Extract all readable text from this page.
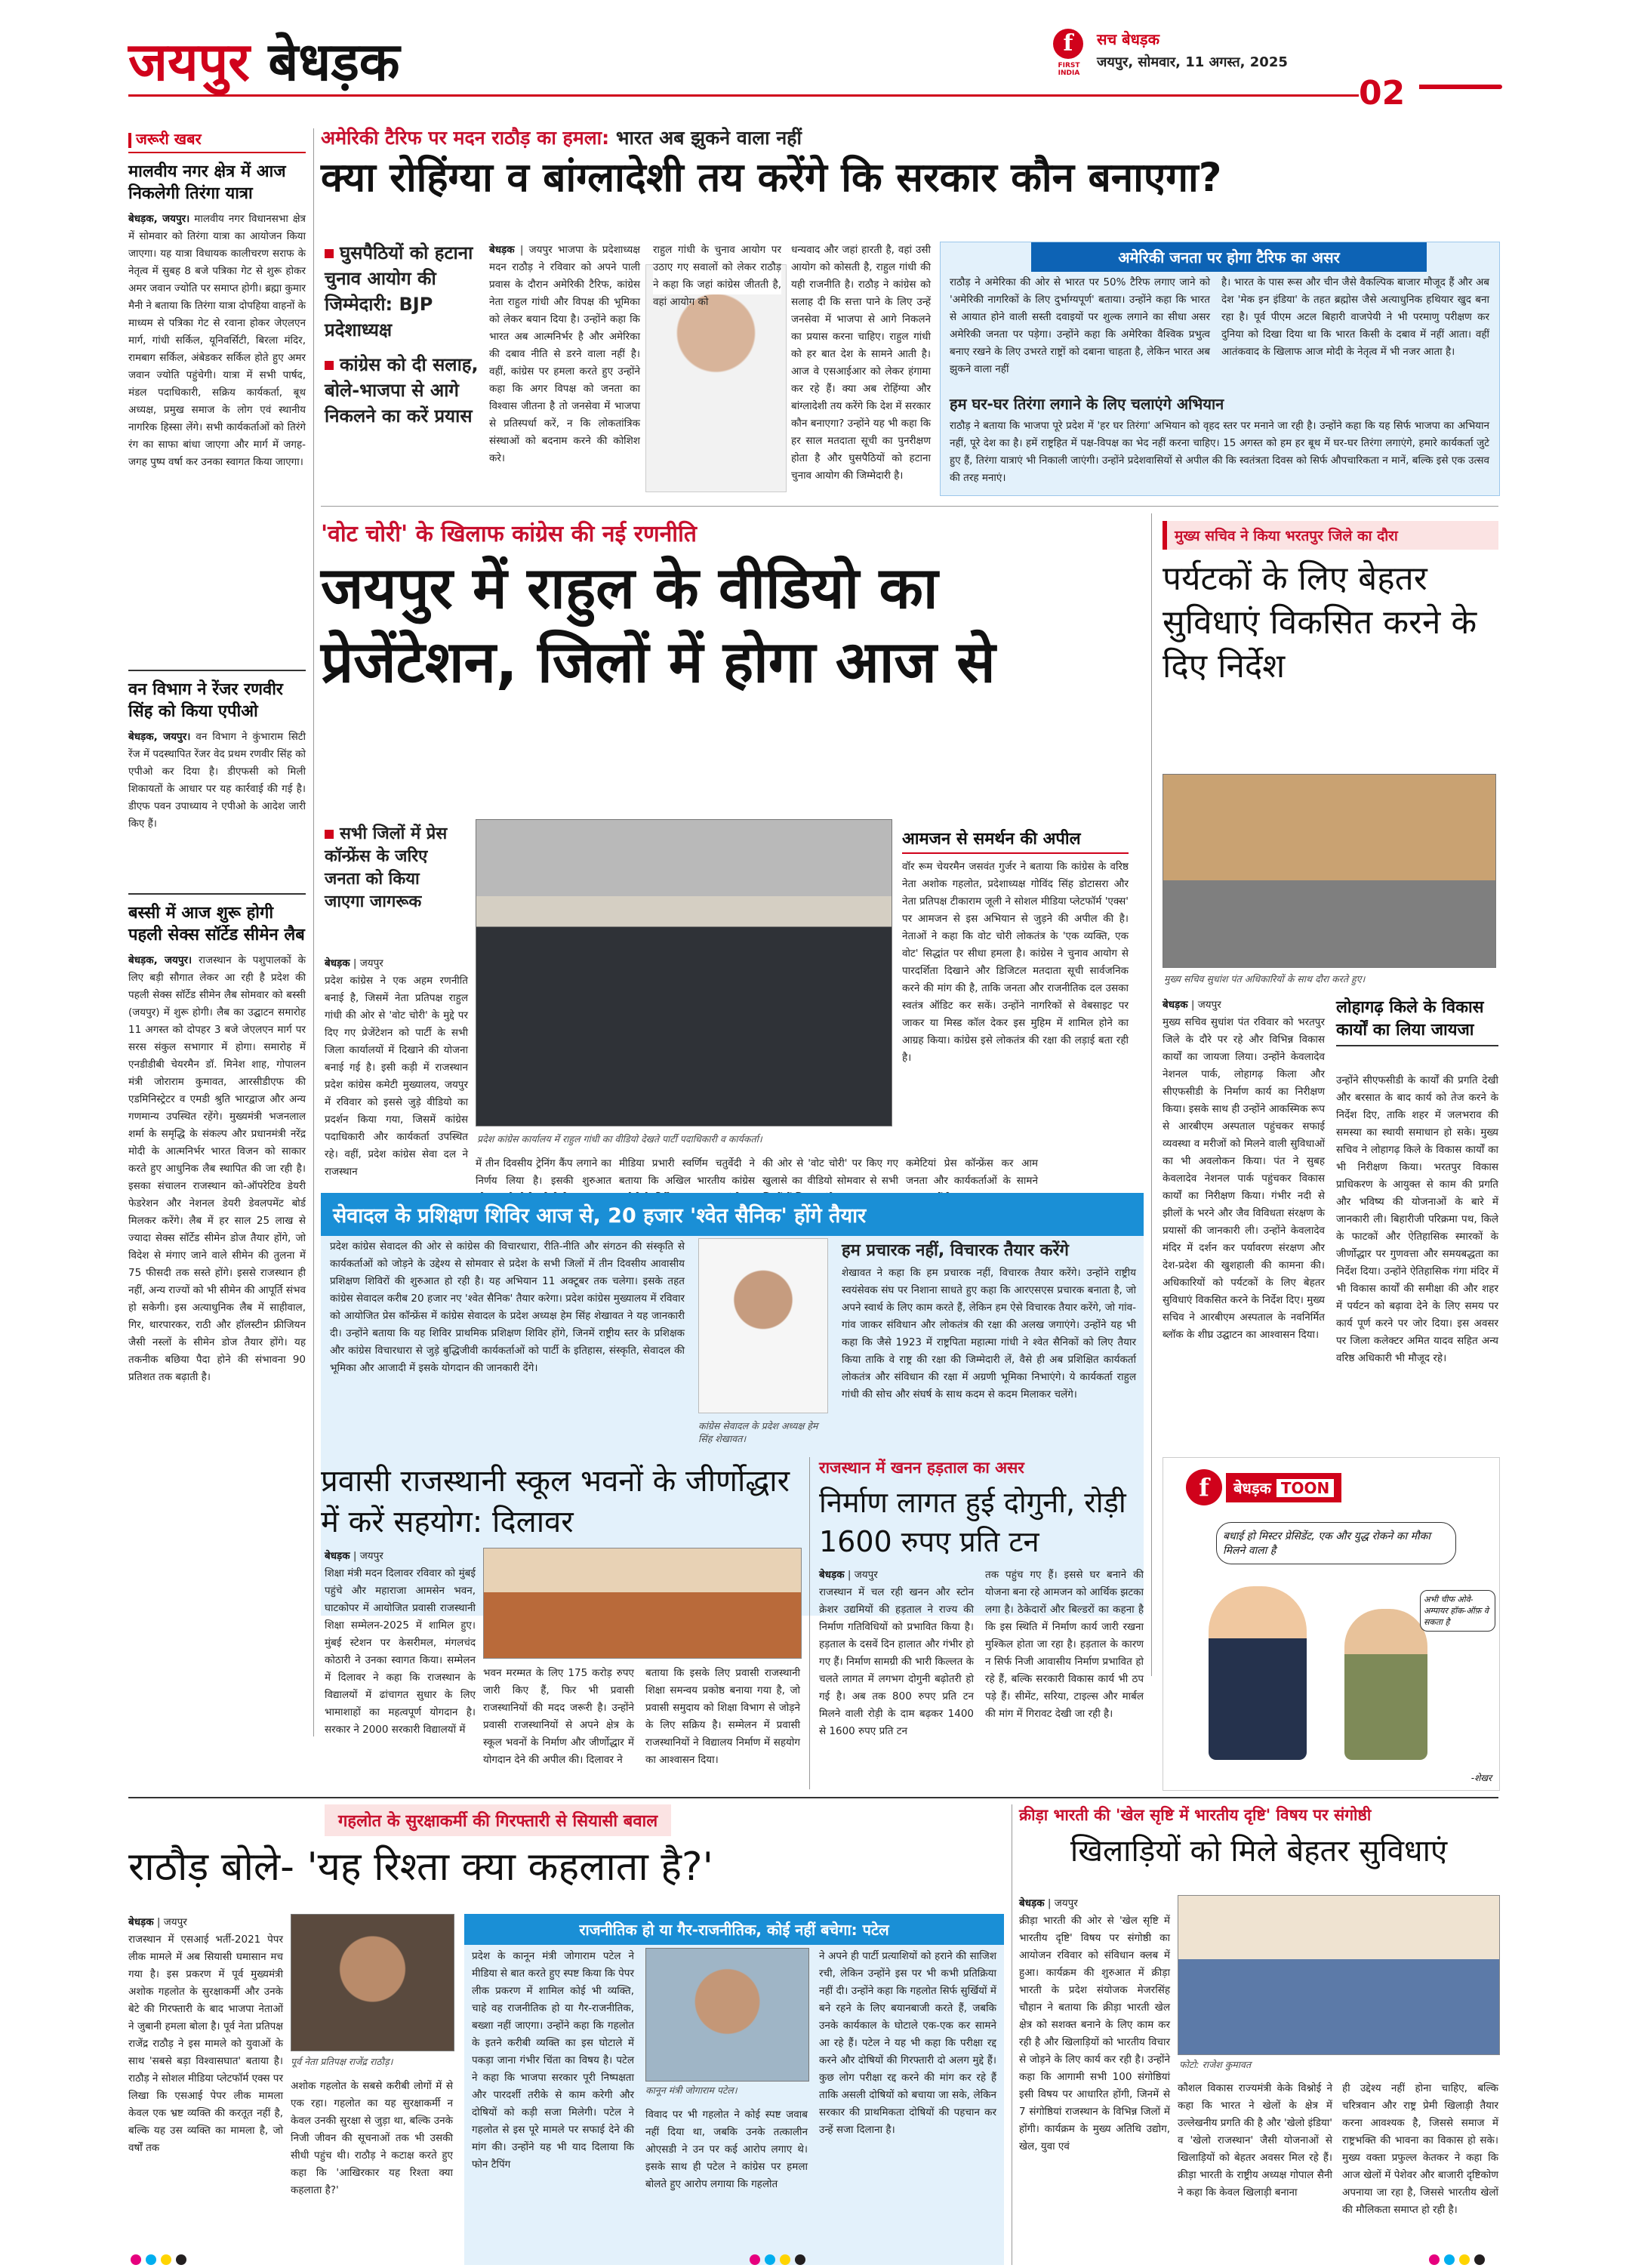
जयपुर बेधड़क	f
FIRST INDIA
सच बेधड़क
जयपुर, सोमवार, 11 अगस्त, 2025
02
जरूरी खबर
मालवीय नगर क्षेत्र में आज निकलेगी तिरंगा यात्रा
बेधड़क, जयपुर। मालवीय नगर विधानसभा क्षेत्र में सोमवार को तिरंगा यात्रा का आयोजन किया जाएगा। यह यात्रा विधायक कालीचरण सराफ के नेतृत्व में सुबह 8 बजे पत्रिका गेट से शुरू होकर अमर जवान ज्योति पर समाप्त होगी। ब्रह्मा कुमार मैनी ने बताया कि तिरंगा यात्रा दोपहिया वाहनों के माध्यम से पत्रिका गेट से रवाना होकर जेएलएन मार्ग, गांधी सर्किल, यूनिवर्सिटी, बिरला मंदिर, रामबाग सर्किल, अंबेडकर सर्किल होते हुए अमर जवान ज्योति पहुंचेगी। यात्रा में सभी पार्षद, मंडल पदाधिकारी, सक्रिय कार्यकर्ता, बूथ अध्यक्ष, प्रमुख समाज के लोग एवं स्थानीय नागरिक हिस्सा लेंगे। सभी कार्यकर्ताओं को तिरंगे रंग का साफा बांधा जाएगा और मार्ग में जगह-जगह पुष्प वर्षा कर उनका स्वागत किया जाएगा।
वन विभाग ने रेंजर रणवीर सिंह को किया एपीओ
बेधड़क, जयपुर। वन विभाग ने कुंभाराम सिटी रेंज में पदस्थापित रेंजर वेद प्रथम रणवीर सिंह को एपीओ कर दिया है। डीएफसी को मिली शिकायतों के आधार पर यह कार्रवाई की गई है। डीएफ पवन उपाध्याय ने एपीओ के आदेश जारी किए हैं।
बस्सी में आज शुरू होगी पहली सेक्स सॉर्टेड सीमेन लैब
बेधड़क, जयपुर। राजस्थान के पशुपालकों के लिए बड़ी सौगात लेकर आ रही है प्रदेश की पहली सेक्स सॉर्टेड सीमेन लैब सोमवार को बस्सी (जयपुर) में शुरू होगी। लैब का उद्घाटन समारोह 11 अगस्त को दोपहर 3 बजे जेएलएन मार्ग पर सरस संकुल सभागार में होगा। समारोह में एनडीडीबी चेयरमैन डॉ. मिनेश शाह, गोपालन मंत्री जोराराम कुमावत, आरसीडीएफ की एडमिनिस्ट्रेटर व एमडी श्रुति भारद्वाज और अन्य गणमान्य उपस्थित रहेंगे। मुख्यमंत्री भजनलाल शर्मा के समृद्धि के संकल्प और प्रधानमंत्री नरेंद्र मोदी के आत्मनिर्भर भारत विजन को साकार करते हुए आधुनिक लैब स्थापित की जा रही है। इसका संचालन राजस्थान को-ऑपरेटिव डेयरी फेडरेशन और नेशनल डेयरी डेवलपमेंट बोर्ड मिलकर करेंगे। लैब में हर साल 25 लाख से ज्यादा सेक्स सॉर्टेड सीमेन डोज तैयार होंगे, जो विदेश से मंगाए जाने वाले सीमेन की तुलना में 75 फीसदी तक सस्ते होंगे। इससे राजस्थान ही नहीं, अन्य राज्यों को भी सीमेन की आपूर्ति संभव हो सकेगी। इस अत्याधुनिक लैब में साहीवाल, गिर, थारपारकर, राठी और हॉलस्टीन फ्रीजियन जैसी नस्लों के सीमेन डोज तैयार होंगे। यह तकनीक बछिया पैदा होने की संभावना 90 प्रतिशत तक बढ़ाती है।
अमेरिकी टैरिफ पर मदन राठौड़ का हमला: भारत अब झुकने वाला नहीं
क्या रोहिंग्या व बांग्लादेशी तय करेंगे कि सरकार कौन बनाएगा?
घुसपैठियों को हटाना चुनाव आयोग की जिम्मेदारी: BJP प्रदेशाध्यक्ष
कांग्रेस को दी सलाह, बोले-भाजपा से आगे निकलने का करें प्रयास
बेधड़क | जयपुर भाजपा के प्रदेशाध्यक्ष मदन राठौड़ ने रविवार को अपने पाली प्रवास के दौरान अमेरिकी टैरिफ, कांग्रेस नेता राहुल गांधी और विपक्ष की भूमिका को लेकर बयान दिया है। उन्होंने कहा कि भारत अब आत्मनिर्भर है और अमेरिका की दबाव नीति से डरने वाला नहीं है। वहीं, कांग्रेस पर हमला करते हुए उन्होंने कहा कि अगर विपक्ष को जनता का विश्वास जीतना है तो जनसेवा में भाजपा से प्रतिस्पर्धा करें, न कि लोकतांत्रिक संस्थाओं को बदनाम करने की कोशिश करे।
राहुल गांधी के चुनाव आयोग पर उठाए गए सवालों को लेकर राठौड़ ने कहा कि जहां कांग्रेस जीतती है, वहां आयोग को
धन्यवाद और जहां हारती है, वहां उसी आयोग को कोसती है, राहुल गांधी की यही राजनीति है। राठौड़ ने कांग्रेस को सलाह दी कि सत्ता पाने के लिए उन्हें जनसेवा में भाजपा से आगे निकलने का प्रयास करना चाहिए। राहुल गांधी को हर बात देश के सामने आती है। आज वे एसआईआर को लेकर हंगामा कर रहे हैं। क्या अब रोहिंग्या और बांग्लादेशी तय करेंगे कि देश में सरकार कौन बनाएगा? उन्होंने यह भी कहा कि हर साल मतदाता सूची का पुनरीक्षण होता है और घुसपैठियों को हटाना चुनाव आयोग की जिम्मेदारी है।
अमेरिकी जनता पर होगा टैरिफ का असर
राठौड़ ने अमेरिका की ओर से भारत पर 50% टैरिफ लगाए जाने को 'अमेरिकी नागरिकों के लिए दुर्भाग्यपूर्ण' बताया। उन्होंने कहा कि भारत से आयात होने वाली सस्ती दवाइयों पर शुल्क लगाने का सीधा असर अमेरिकी जनता पर पड़ेगा। उन्होंने कहा कि अमेरिका वैश्विक प्रभुत्व बनाए रखने के लिए उभरते राष्ट्रों को दबाना चाहता है, लेकिन भारत अब झुकने वाला नहीं
है। भारत के पास रूस और चीन जैसे वैकल्पिक बाजार मौजूद हैं और अब देश 'मेक इन इंडिया' के तहत ब्रह्मोस जैसे अत्याधुनिक हथियार खुद बना रहा है। पूर्व पीएम अटल बिहारी वाजपेयी ने भी परमाणु परीक्षण कर दुनिया को दिखा दिया था कि भारत किसी के दबाव में नहीं आता। वहीं आतंकवाद के खिलाफ आज मोदी के नेतृत्व में भी नजर आता है।
हम घर-घर तिरंगा लगाने के लिए चलाएंगे अभियान
राठौड़ ने बताया कि भाजपा पूरे प्रदेश में 'हर घर तिरंगा' अभियान को वृहद स्तर पर मनाने जा रही है। उन्होंने कहा कि यह सिर्फ भाजपा का अभियान नहीं, पूरे देश का है। हमें राष्ट्रहित में पक्ष-विपक्ष का भेद नहीं करना चाहिए। 15 अगस्त को हम हर बूथ में घर-घर तिरंगा लगाएंगे, हमारे कार्यकर्ता जुटे हुए हैं, तिरंगा यात्राएं भी निकाली जाएंगी। उन्होंने प्रदेशवासियों से अपील की कि स्वतंत्रता दिवस को सिर्फ औपचारिकता न मानें, बल्कि इसे एक उत्सव की तरह मनाएं।
'वोट चोरी' के खिलाफ कांग्रेस की नई रणनीति
जयपुर में राहुल के वीडियो का प्रेजेंटेशन, जिलों में होगा आज से
सभी जिलों में प्रेस कॉन्फ्रेंस के जरिए जनता को किया जाएगा जागरूक
बेधड़क | जयपुर
प्रदेश कांग्रेस ने एक अहम रणनीति बनाई है, जिसमें नेता प्रतिपक्ष राहुल गांधी की ओर से 'वोट चोरी' के मुद्दे पर दिए गए प्रेजेंटेशन को पार्टी के सभी जिला कार्यालयों में दिखाने की योजना बनाई गई है। इसी कड़ी में राजस्थान प्रदेश कांग्रेस कमेटी मुख्यालय, जयपुर में रविवार को इससे जुड़े वीडियो का प्रदर्शन किया गया, जिसमें कांग्रेस पदाधिकारी और कार्यकर्ता उपस्थित रहे। वहीं, प्रदेश कांग्रेस सेवा दल ने राजस्थान
प्रदेश कांग्रेस कार्यालय में राहुल गांधी का वीडियो देखते पार्टी पदाधिकारी व कार्यकर्ता।
में तीन दिवसीय ट्रेनिंग कैंप लगाने का निर्णय लिया है। इसकी शुरुआत
मीडिया प्रभारी स्वर्णिम चतुर्वेदी ने बताया कि अखिल भारतीय कांग्रेस
की ओर से 'वोट चोरी' पर किए गए खुलासे का वीडियो सोमवार से सभी
कमेटियां प्रेस कॉन्फ्रेंस कर आम जनता और कार्यकर्ताओं के सामने
आमजन से समर्थन की अपील
वॉर रूम चेयरमैन जसवंत गुर्जर ने बताया कि कांग्रेस के वरिष्ठ नेता अशोक गहलोत, प्रदेशाध्यक्ष गोविंद सिंह डोटासरा और नेता प्रतिपक्ष टीकाराम जूली ने सोशल मीडिया प्लेटफॉर्म 'एक्स' पर आमजन से इस अभियान से जुड़ने की अपील की है। नेताओं ने कहा कि वोट चोरी लोकतंत्र के 'एक व्यक्ति, एक वोट' सिद्धांत पर सीधा हमला है। कांग्रेस ने चुनाव आयोग से पारदर्शिता दिखाने और डिजिटल मतदाता सूची सार्वजनिक करने की मांग की है, ताकि जनता और राजनीतिक दल उसका स्वतंत्र ऑडिट कर सकें। उन्होंने नागरिकों से वेबसाइट पर जाकर या मिस्ड कॉल देकर इस मुहिम में शामिल होने का आग्रह किया। कांग्रेस इसे लोकतंत्र की रक्षा की लड़ाई बता रही है।
मुख्य सचिव ने किया भरतपुर जिले का दौरा
पर्यटकों के लिए बेहतर सुविधाएं विकसित करने के दिए निर्देश
मुख्य सचिव सुधांश पंत अधिकारियों के साथ दौरा करते हुए।
बेधड़क | जयपुर
मुख्य सचिव सुधांश पंत रविवार को भरतपुर जिले के दौरे पर रहे और विभिन्न विकास कार्यों का जायजा लिया। उन्होंने केवलादेव नेशनल पार्क, लोहागढ़ किला और सीएफसीडी के निर्माण कार्य का निरीक्षण किया। इसके साथ ही उन्होंने आकस्मिक रूप से आरबीएम अस्पताल पहुंचकर सफाई व्यवस्था व मरीजों को मिलने वाली सुविधाओं का भी अवलोकन किया। पंत ने सुबह केवलादेव नेशनल पार्क पहुंचकर विकास कार्यों का निरीक्षण किया। गंभीर नदी से झीलों के भरने और जैव विविधता संरक्षण के प्रयासों की जानकारी ली। उन्होंने केवलादेव मंदिर में दर्शन कर पर्यावरण संरक्षण और देश-प्रदेश की खुशहाली की कामना की। अधिकारियों को पर्यटकों के लिए बेहतर सुविधाएं विकसित करने के निर्देश दिए। मुख्य सचिव ने आरबीएम अस्पताल के नवनिर्मित ब्लॉक के शीघ्र उद्घाटन का आश्वासन दिया।
लोहागढ़ किले के विकास कार्यों का लिया जायजा
उन्होंने सीएफसीडी के कार्यों की प्रगति देखी और बरसात के बाद कार्य को तेज करने के निर्देश दिए, ताकि शहर में जलभराव की समस्या का स्थायी समाधान हो सके। मुख्य सचिव ने लोहागढ़ किले के विकास कार्यों का भी निरीक्षण किया। भरतपुर विकास प्राधिकरण के आयुक्त से काम की प्रगति और भविष्य की योजनाओं के बारे में जानकारी ली। बिहारीजी परिक्रमा पथ, किले के फाटकों और ऐतिहासिक स्मारकों के जीर्णोद्धार पर गुणवत्ता और समयबद्धता का निर्देश दिया। उन्होंने ऐतिहासिक गंगा मंदिर में भी विकास कार्यों की समीक्षा की और शहर में पर्यटन को बढ़ावा देने के लिए समय पर कार्य पूर्ण करने पर जोर दिया। इस अवसर पर जिला कलेक्टर अमित यादव सहित अन्य वरिष्ठ अधिकारी भी मौजूद रहे।
सेवादल के प्रशिक्षण शिविर आज से, 20 हजार 'श्वेत सैनिक' होंगे तैयार
प्रदेश कांग्रेस सेवादल की ओर से कांग्रेस की विचारधारा, रीति-नीति और संगठन की संस्कृति से कार्यकर्ताओं को जोड़ने के उद्देश्य से सोमवार से प्रदेश के सभी जिलों में तीन दिवसीय आवासीय प्रशिक्षण शिविरों की शुरुआत हो रही है। यह अभियान 11 अक्टूबर तक चलेगा। इसके तहत कांग्रेस सेवादल करीब 20 हजार नए 'श्वेत सैनिक' तैयार करेगा। प्रदेश कांग्रेस मुख्यालय में रविवार को आयोजित प्रेस कॉन्फ्रेंस में कांग्रेस सेवादल के प्रदेश अध्यक्ष हेम सिंह शेखावत ने यह जानकारी दी। उन्होंने बताया कि यह शिविर प्राथमिक प्रशिक्षण शिविर होंगे, जिनमें राष्ट्रीय स्तर के प्रशिक्षक और कांग्रेस विचारधारा से जुड़े बुद्धिजीवी कार्यकर्ताओं को पार्टी के इतिहास, संस्कृति, सेवादल की भूमिका और आजादी में इसके योगदान की जानकारी देंगे।
कांग्रेस सेवादल के प्रदेश अध्यक्ष हेम सिंह शेखावत।
हम प्रचारक नहीं, विचारक तैयार करेंगे
शेखावत ने कहा कि हम प्रचारक नहीं, विचारक तैयार करेंगे। उन्होंने राष्ट्रीय स्वयंसेवक संघ पर निशाना साधते हुए कहा कि आरएसएस प्रचारक बनाता है, जो अपने स्वार्थ के लिए काम करते हैं, लेकिन हम ऐसे विचारक तैयार करेंगे, जो गांव-गांव जाकर संविधान और लोकतंत्र की रक्षा की अलख जगाएंगे। उन्होंने यह भी कहा कि जैसे 1923 में राष्ट्रपिता महात्मा गांधी ने श्वेत सैनिकों को लिए तैयार किया ताकि वे राष्ट्र की रक्षा की जिम्मेदारी लें, वैसे ही अब प्रशिक्षित कार्यकर्ता लोकतंत्र और संविधान की रक्षा में अग्रणी भूमिका निभाएंगे। ये कार्यकर्ता राहुल गांधी की सोच और संघर्ष के साथ कदम से कदम मिलाकर चलेंगे।
प्रवासी राजस्थानी स्कूल भवनों के जीर्णोद्धार में करें सहयोग: दिलावर
बेधड़क | जयपुर
शिक्षा मंत्री मदन दिलावर रविवार को मुंबई पहुंचे और महाराजा आमसेन भवन, घाटकोपर में आयोजित प्रवासी राजस्थानी शिक्षा सम्मेलन-2025 में शामिल हुए। मुंबई स्टेशन पर केसरीमल, मंगलचंद कोठारी ने उनका स्वागत किया। सम्मेलन में दिलावर ने कहा कि राजस्थान के विद्यालयों में ढांचागत सुधार के लिए भामाशाहों का महत्वपूर्ण योगदान है। सरकार ने 2000 सरकारी विद्यालयों में
भवन मरम्मत के लिए 175 करोड़ रुपए जारी किए हैं, फिर भी प्रवासी राजस्थानियों की मदद जरूरी है। उन्होंने प्रवासी राजस्थानियों से अपने क्षेत्र के स्कूल भवनों के निर्माण और जीर्णोद्धार में योगदान देने की अपील की। दिलावर ने
बताया कि इसके लिए प्रवासी राजस्थानी शिक्षा समन्वय प्रकोष्ठ बनाया गया है, जो प्रवासी समुदाय को शिक्षा विभाग से जोड़ने के लिए सक्रिय है। सम्मेलन में प्रवासी राजस्थानियों ने विद्यालय निर्माण में सहयोग का आश्वासन दिया।
राजस्थान में खनन हड़ताल का असर
निर्माण लागत हुई दोगुनी, रोड़ी 1600 रुपए प्रति टन
बेधड़क | जयपुर
राजस्थान में चल रही खनन और स्टोन क्रेशर उद्यमियों की हड़ताल ने राज्य की निर्माण गतिविधियों को प्रभावित किया है। हड़ताल के दसवें दिन हालात और गंभीर हो गए हैं। निर्माण सामग्री की भारी किल्लत के चलते लागत में लगभग दोगुनी बढ़ोतरी हो गई है। अब तक 800 रुपए प्रति टन मिलने वाली रोड़ी के दाम बढ़कर 1400 से 1600 रुपए प्रति टन
तक पहुंच गए हैं। इससे घर बनाने की योजना बना रहे आमजन को आर्थिक झटका लगा है। ठेकेदारों और बिल्डरों का कहना है कि इस स्थिति में निर्माण कार्य जारी रखना मुश्किल होता जा रहा है। हड़ताल के कारण न सिर्फ निजी आवासीय निर्माण प्रभावित हो रहे हैं, बल्कि सरकारी विकास कार्य भी ठप पड़े हैं। सीमेंट, सरिया, टाइल्स और मार्बल की मांग में गिरावट देखी जा रही है।
f बेधड़क TOON
बधाई हो मिस्टर प्रेसिडेंट, एक और युद्ध रोकने का मौका मिलने वाला है
अभी चीफ ओवे-अम्पायर हॉक-ऑफ़ वे सकता है
-शेखर
गहलोत के सुरक्षाकर्मी की गिरफ्तारी से सियासी बवाल
राठौड़ बोले- 'यह रिश्ता क्या कहलाता है?'
बेधड़क | जयपुर
राजस्थान में एसआई भर्ती-2021 पेपर लीक मामले में अब सियासी घमासान मच गया है। इस प्रकरण में पूर्व मुख्यमंत्री अशोक गहलोत के सुरक्षाकर्मी और उनके बेटे की गिरफ्तारी के बाद भाजपा नेताओं ने जुबानी हमला बोला है। पूर्व नेता प्रतिपक्ष राजेंद्र राठौड़ ने इस मामले को युवाओं के साथ 'सबसे बड़ा विश्वासघात' बताया है। राठौड़ ने सोशल मीडिया प्लेटफॉर्म एक्स पर लिखा कि एसआई पेपर लीक मामला केवल एक भ्रष्ट व्यक्ति की करतूत नहीं है, बल्कि यह उस व्यक्ति का मामला है, जो वर्षों तक
पूर्व नेता प्रतिपक्ष राजेंद्र राठौड़।
अशोक गहलोत के सबसे करीबी लोगों में से एक रहा। गहलोत का यह सुरक्षाकर्मी न केवल उनकी सुरक्षा से जुड़ा था, बल्कि उनके निजी जीवन की सूचनाओं तक भी उसकी सीधी पहुंच थी। राठौड़ ने कटाक्ष करते हुए कहा कि 'आखिरकार यह रिश्ता क्या कहलाता है?'
राजनीतिक हो या गैर-राजनीतिक, कोई नहीं बचेगा: पटेल
प्रदेश के कानून मंत्री जोगाराम पटेल ने मीडिया से बात करते हुए स्पष्ट किया कि पेपर लीक प्रकरण में शामिल कोई भी व्यक्ति, चाहे वह राजनीतिक हो या गैर-राजनीतिक, बख्शा नहीं जाएगा। उन्होंने कहा कि गहलोत के इतने करीबी व्यक्ति का इस घोटाले में पकड़ा जाना गंभीर चिंता का विषय है। पटेल ने कहा कि भाजपा सरकार पूरी निष्पक्षता और पारदर्शी तरीके से काम करेगी और दोषियों को कड़ी सजा मिलेगी। पटेल ने गहलोत से इस पूरे मामले पर सफाई देने की मांग की। उन्होंने यह भी याद दिलाया कि फोन टैपिंग
कानून मंत्री जोगाराम पटेल।
विवाद पर भी गहलोत ने कोई स्पष्ट जवाब नहीं दिया था, जबकि उनके तत्कालीन ओएसडी ने उन पर कई आरोप लगाए थे। इसके साथ ही पटेल ने कांग्रेस पर हमला बोलते हुए आरोप लगाया कि गहलोत
ने अपने ही पार्टी प्रत्याशियों को हराने की साजिश रची, लेकिन उन्होंने इस पर भी कभी प्रतिक्रिया नहीं दी। उन्होंने कहा कि गहलोत सिर्फ सुर्खियों में बने रहने के लिए बयानबाजी करते हैं, जबकि उनके कार्यकाल के घोटाले एक-एक कर सामने आ रहे हैं। पटेल ने यह भी कहा कि परीक्षा रद्द करने और दोषियों की गिरफ्तारी दो अलग मुद्दे हैं। कुछ लोग परीक्षा रद्द करने की मांग कर रहे हैं ताकि असली दोषियों को बचाया जा सके, लेकिन सरकार की प्राथमिकता दोषियों की पहचान कर उन्हें सजा दिलाना है।
क्रीड़ा भारती की 'खेल सृष्टि में भारतीय दृष्टि' विषय पर संगोष्ठी
खिलाड़ियों को मिले बेहतर सुविधाएं
बेधड़क | जयपुर
क्रीड़ा भारती की ओर से 'खेल सृष्टि में भारतीय दृष्टि' विषय पर संगोष्ठी का आयोजन रविवार को संविधान क्लब में हुआ। कार्यक्रम की शुरुआत में क्रीड़ा भारती के प्रदेश संयोजक मेजरसिंह चौहान ने बताया कि क्रीड़ा भारती खेल क्षेत्र को सशक्त बनाने के लिए काम कर रही है और खिलाड़ियों को भारतीय विचार से जोड़ने के लिए कार्य कर रही है। उन्होंने कहा कि आगामी सभी 100 संगोष्ठियां इसी विषय पर आधारित होंगी, जिनमें से 7 संगोष्ठियां राजस्थान के विभिन्न जिलों में होंगी। कार्यक्रम के मुख्य अतिथि उद्योग, खेल, युवा एवं
फोटो: राजेश कुमावत
कौशल विकास राज्यमंत्री केके विश्नोई ने कहा कि भारत ने खेलों के क्षेत्र में उल्लेखनीय प्रगति की है और 'खेलो इंडिया' व 'खेलो राजस्थान' जैसी योजनाओं से खिलाड़ियों को बेहतर अवसर मिल रहे हैं। क्रीड़ा भारती के राष्ट्रीय अध्यक्ष गोपाल सैनी ने कहा कि केवल खिलाड़ी बनाना
ही उद्देश्य नहीं होना चाहिए, बल्कि चरित्रवान और राष्ट्र प्रेमी खिलाड़ी तैयार करना आवश्यक है, जिससे समाज में राष्ट्रभक्ति की भावना का विकास हो सके। मुख्य वक्ता प्रफुल्ल केतकर ने कहा कि आज खेलों में पेशेवर और बाजारी दृष्टिकोण अपनाया जा रहा है, जिससे भारतीय खेलों की मौलिकता समाप्त हो रही है।
